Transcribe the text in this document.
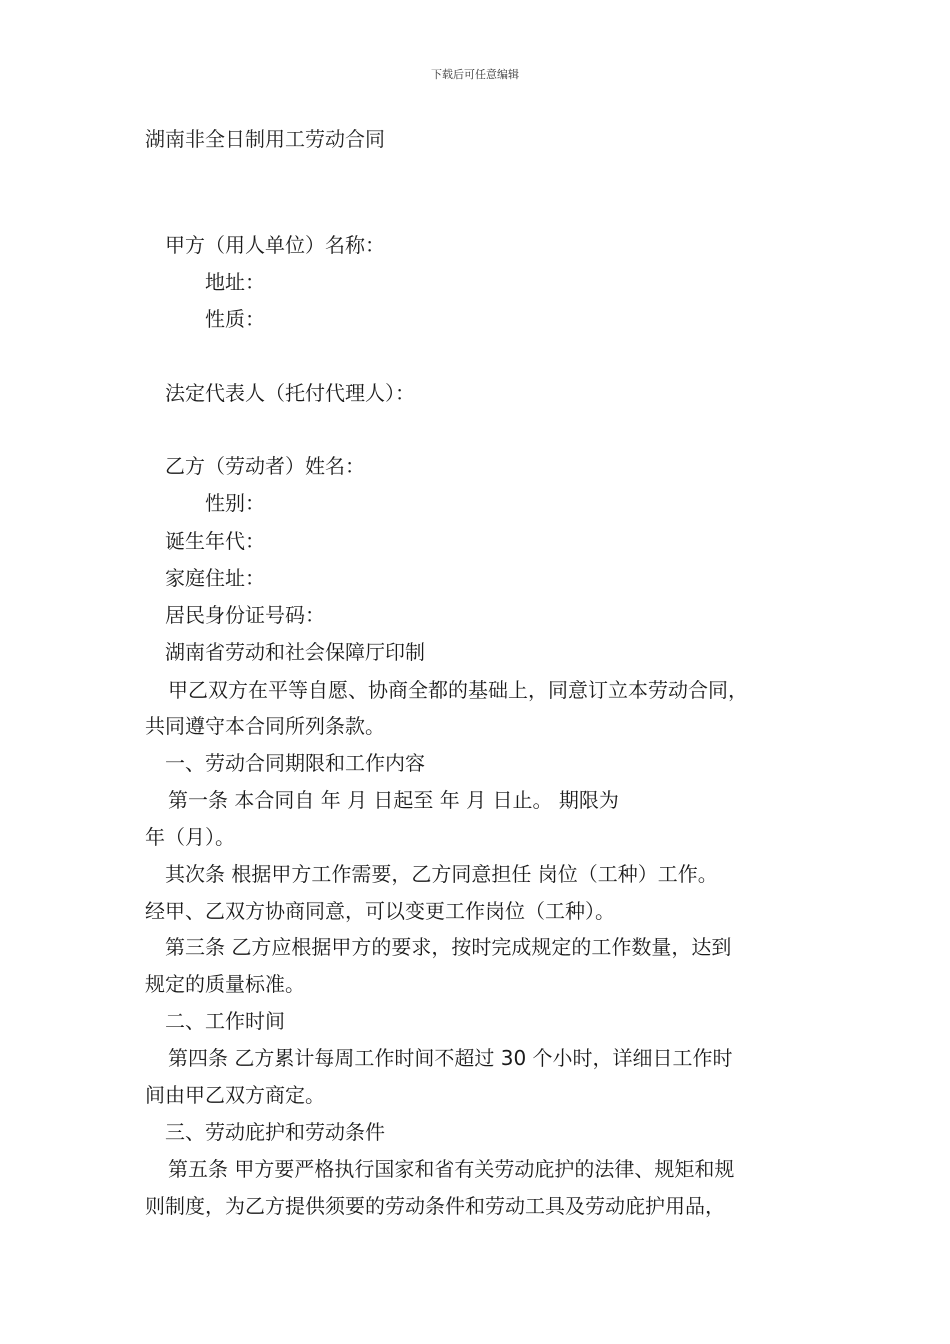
下载后可任意编辑
湖南非全日制用工劳动合同
甲方（用人单位）名称：
地址：
性质：
法定代表人（托付代理人）：
乙方（劳动者）姓名：
性别：
诞生年代：
家庭住址：
居民身份证号码：
湖南省劳动和社会保障厅印制
甲乙双方在平等自愿、协商全都的基础上，同意订立本劳动合同，
共同遵守本合同所列条款。
一、劳动合同期限和工作内容
第一条 本合同自 年 月 日起至 年 月 日止。 期限为
年（月）。
其次条 根据甲方工作需要，乙方同意担任 岗位（工种）工作。
经甲、乙双方协商同意，可以变更工作岗位（工种）。
第三条 乙方应根据甲方的要求，按时完成规定的工作数量，达到
规定的质量标准。
二、工作时间
第四条 乙方累计每周工作时间不超过 30 个小时，详细日工作时
间由甲乙双方商定。
三、劳动庇护和劳动条件
第五条 甲方要严格执行国家和省有关劳动庇护的法律、规矩和规
则制度，为乙方提供须要的劳动条件和劳动工具及劳动庇护用品，
